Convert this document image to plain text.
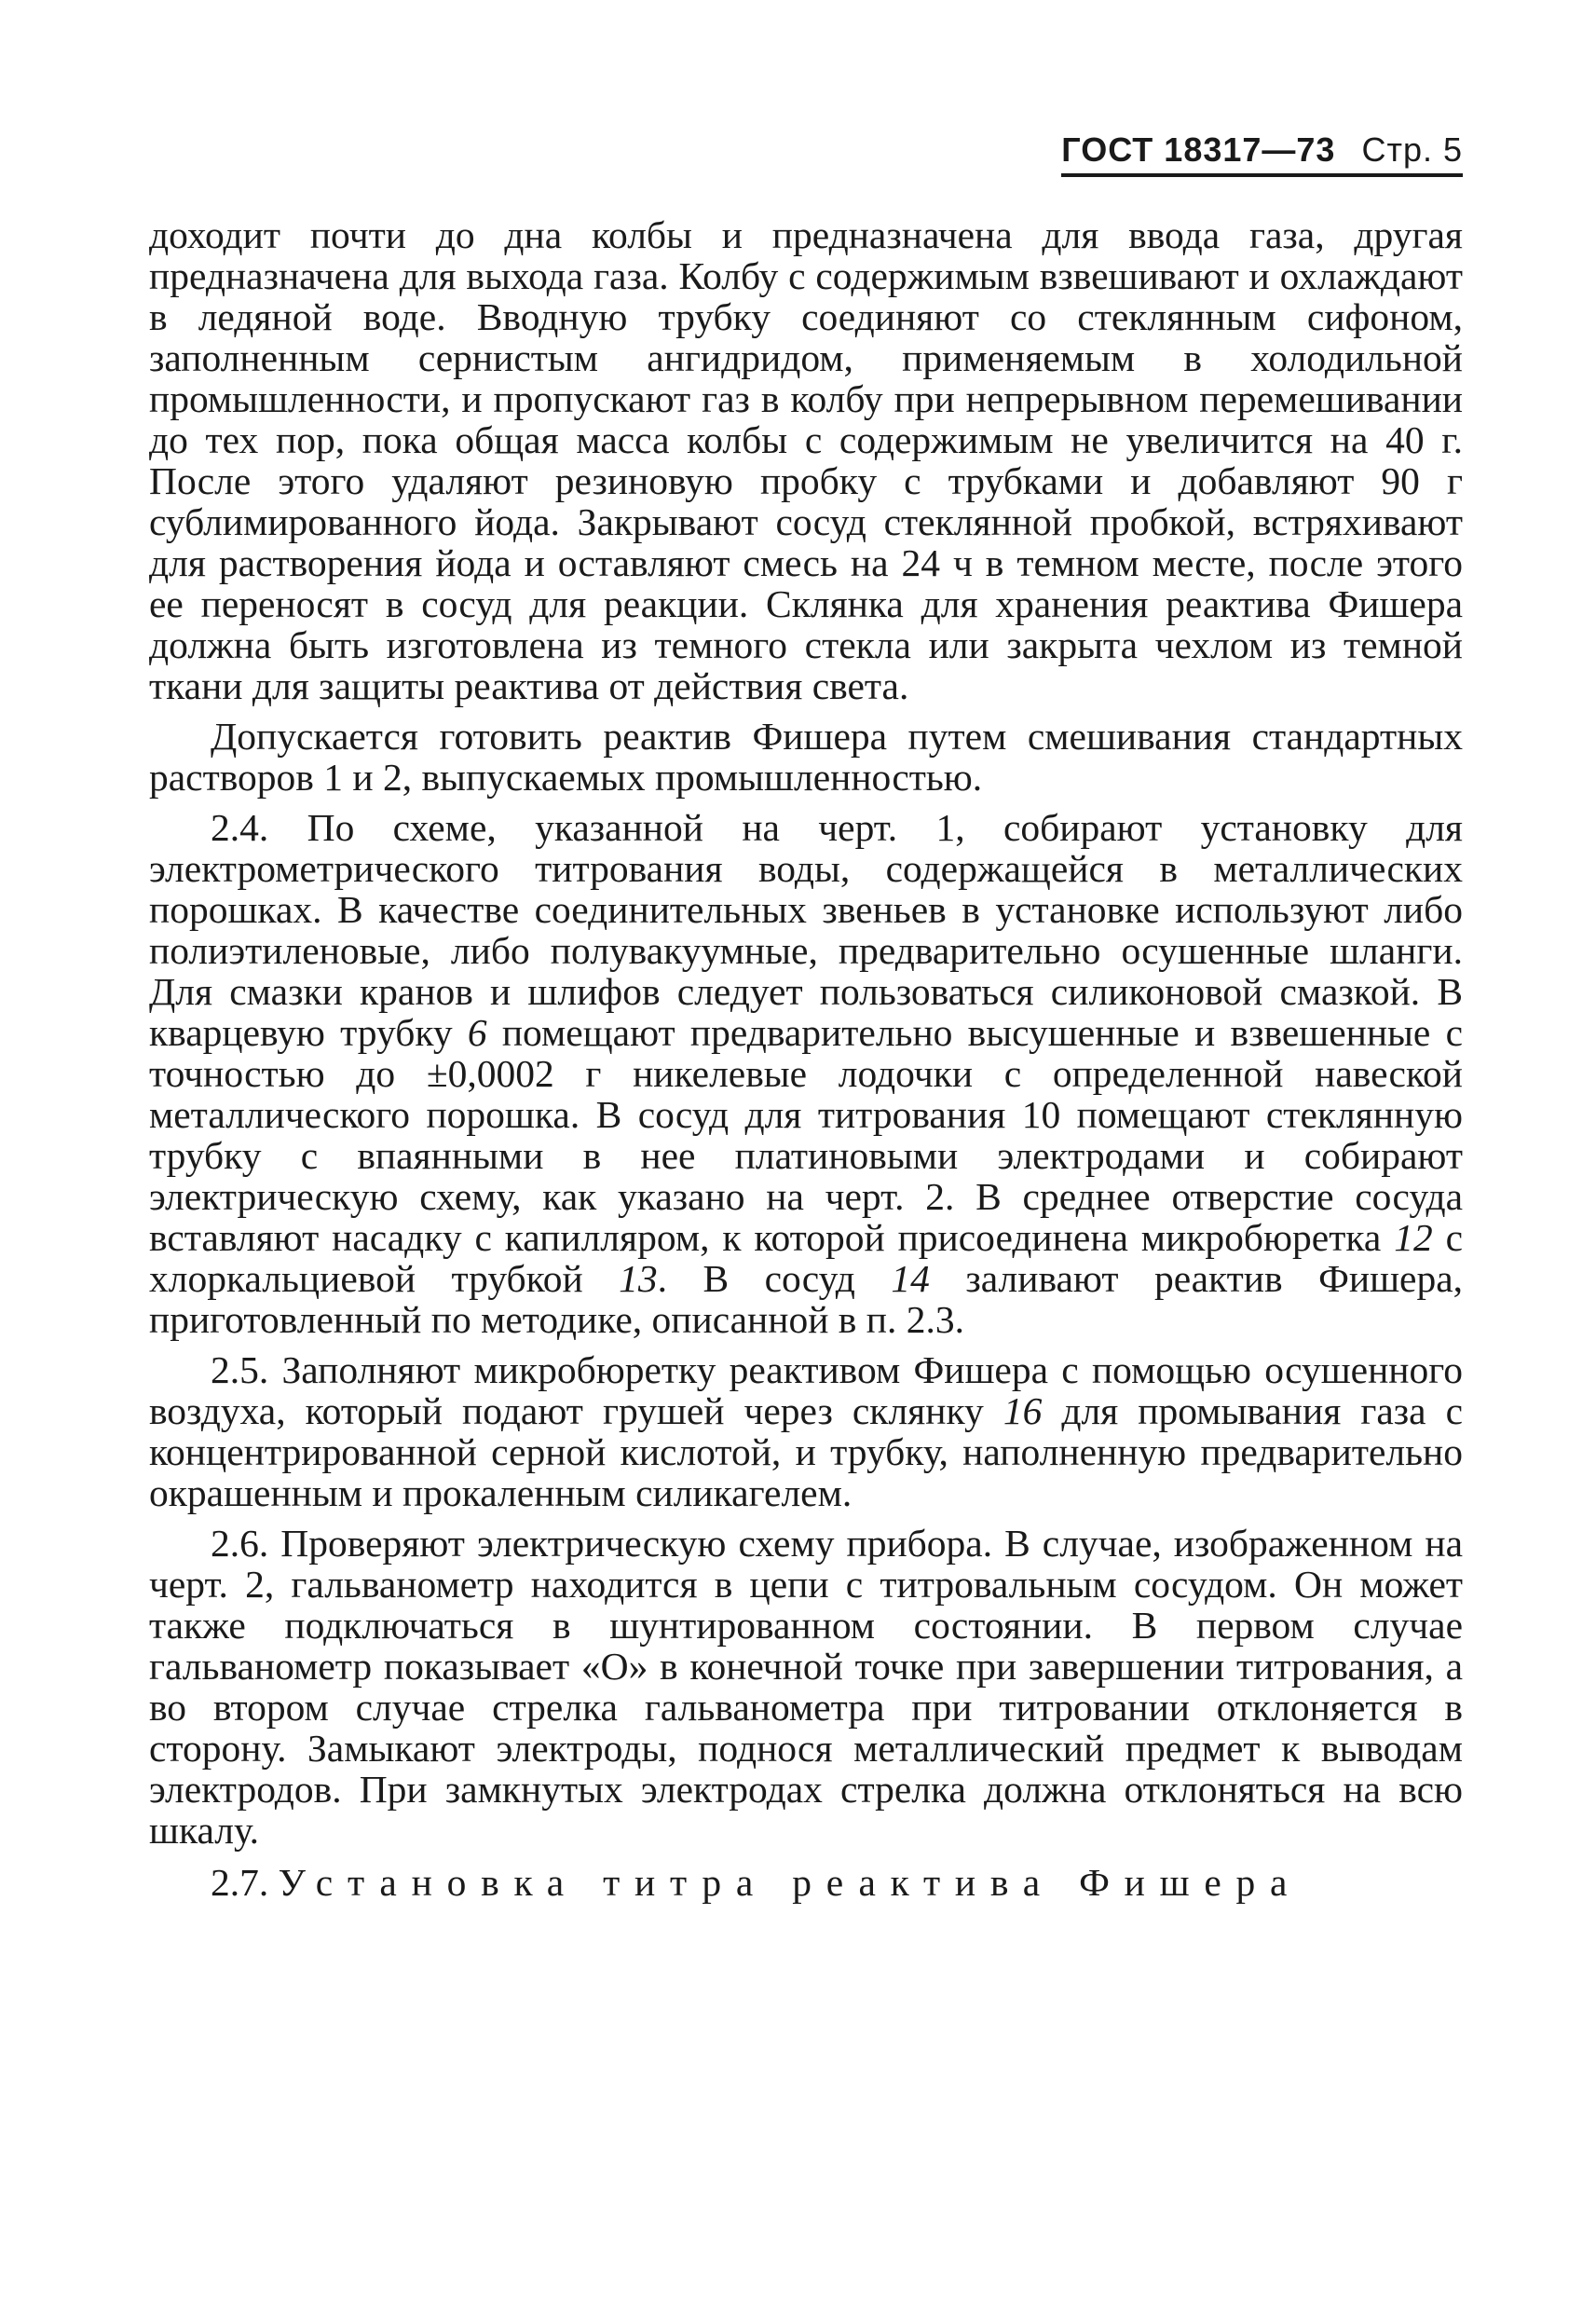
ГОСТ 18317—73 Стр. 5

доходит почти до дна колбы и предназначена для ввода газа, другая предназначена для выхода газа. Колбу с содержимым взвешивают и охлаждают в ледяной воде. Вводную трубку соединяют со стеклянным сифоном, заполненным сернистым ангидридом, применяемым в холодильной промышленности, и пропускают газ в колбу при непрерывном перемешивании до тех пор, пока общая масса колбы с содержимым не увеличится на 40 г. После этого удаляют резиновую пробку с трубками и добавляют 90 г сублимированного йода. Закрывают сосуд стеклянной пробкой, встряхивают для растворения йода и оставляют смесь на 24 ч в темном месте, после этого ее переносят в сосуд для реакции. Склянка для хранения реактива Фишера должна быть изготовлена из темного стекла или закрыта чехлом из темной ткани для защиты реактива от действия света.

Допускается готовить реактив Фишера путем смешивания стандартных растворов 1 и 2, выпускаемых промышленностью.

2.4. По схеме, указанной на черт. 1, собирают установку для электрометрического титрования воды, содержащейся в металлических порошках. В качестве соединительных звеньев в установке используют либо полиэтиленовые, либо полувакуумные, предварительно осушенные шланги. Для смазки кранов и шлифов следует пользоваться силиконовой смазкой. В кварцевую трубку 6 помещают предварительно высушенные и взвешенные с точностью до ±0,0002 г никелевые лодочки с определенной навеской металлического порошка. В сосуд для титрования 10 помещают стеклянную трубку с впаянными в нее платиновыми электродами и собирают электрическую схему, как указано на черт. 2. В среднее отверстие сосуда вставляют насадку с капилляром, к которой присоединена микробюретка 12 с хлоркальциевой трубкой 13. В сосуд 14 заливают реактив Фишера, приготовленный по методике, описанной в п. 2.3.

2.5. Заполняют микробюретку реактивом Фишера с помощью осушенного воздуха, который подают грушей через склянку 16 для промывания газа с концентрированной серной кислотой, и трубку, наполненную предварительно окрашенным и прокаленным силикагелем.

2.6. Проверяют электрическую схему прибора. В случае, изображенном на черт. 2, гальванометр находится в цепи с титровальным сосудом. Он может также подключаться в шунтированном состоянии. В первом случае гальванометр показывает «О» в конечной точке при завершении титрования, а во втором случае стрелка гальванометра при титровании отклоняется в сторону. Замыкают электроды, поднося металлический предмет к выводам электродов. При замкнутых электродах стрелка должна отклоняться на всю шкалу.

2.7. Установка титра реактива Фишера
